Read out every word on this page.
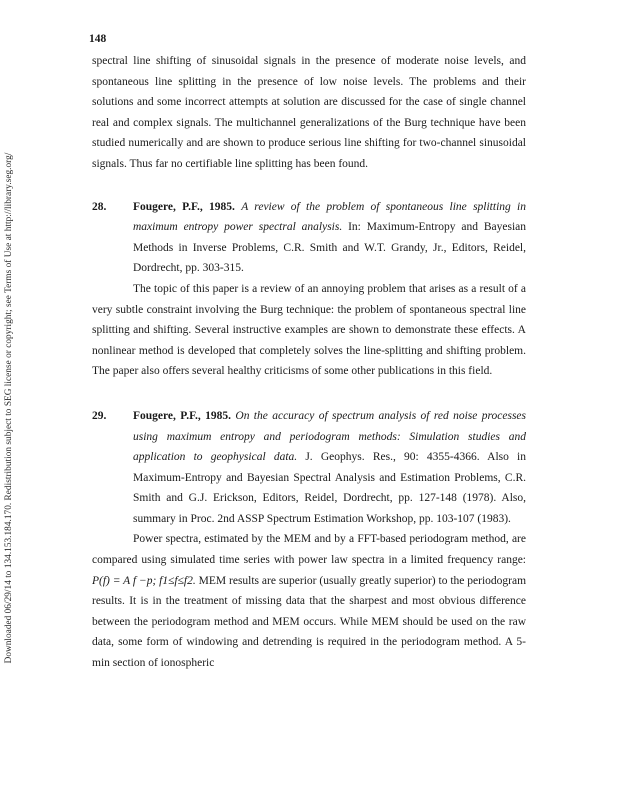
148
Downloaded 06/29/14 to 134.153.184.170. Redistribution subject to SEG license or copyright; see Terms of Use at http://library.seg.org/

spectral line shifting of sinusoidal signals in the presence of moderate noise levels, and spontaneous line splitting in the presence of low noise levels. The problems and their solutions and some incorrect attempts at solution are discussed for the case of single channel real and complex signals. The multichannel generalizations of the Burg technique have been studied numerically and are shown to produce serious line shifting for two-channel sinusoidal signals. Thus far no certifiable line splitting has been found.

28. Fougere, P.F., 1985. A review of the problem of spontaneous line splitting in maximum entropy power spectral analysis. In: Maximum-Entropy and Bayesian Methods in Inverse Problems, C.R. Smith and W.T. Grandy, Jr., Editors, Reidel, Dordrecht, pp. 303-315.

The topic of this paper is a review of an annoying problem that arises as a result of a very subtle constraint involving the Burg technique: the problem of spontaneous spectral line splitting and shifting. Several instructive examples are shown to demonstrate these effects. A nonlinear method is developed that completely solves the line-splitting and shifting problem. The paper also offers several healthy criticisms of some other publications in this field.

29. Fougere, P.F., 1985. On the accuracy of spectrum analysis of red noise processes using maximum entropy and periodogram methods: Simulation studies and application to geophysical data. J. Geophys. Res., 90: 4355-4366. Also in Maximum-Entropy and Bayesian Spectral Analysis and Estimation Problems, C.R. Smith and G.J. Erickson, Editors, Reidel, Dordrecht, pp. 127-148 (1978). Also, summary in Proc. 2nd ASSP Spectrum Estimation Workshop, pp. 103-107 (1983).

Power spectra, estimated by the MEM and by a FFT-based periodogram method, are compared using simulated time series with power law spectra in a limited frequency range: P(f) = A f −p; f1≤f≤f2. MEM results are superior (usually greatly superior) to the periodogram results. It is in the treatment of missing data that the sharpest and most obvious difference between the periodogram method and MEM occurs. While MEM should be used on the raw data, some form of windowing and detrending is required in the periodogram method. A 5-min section of ionospheric
